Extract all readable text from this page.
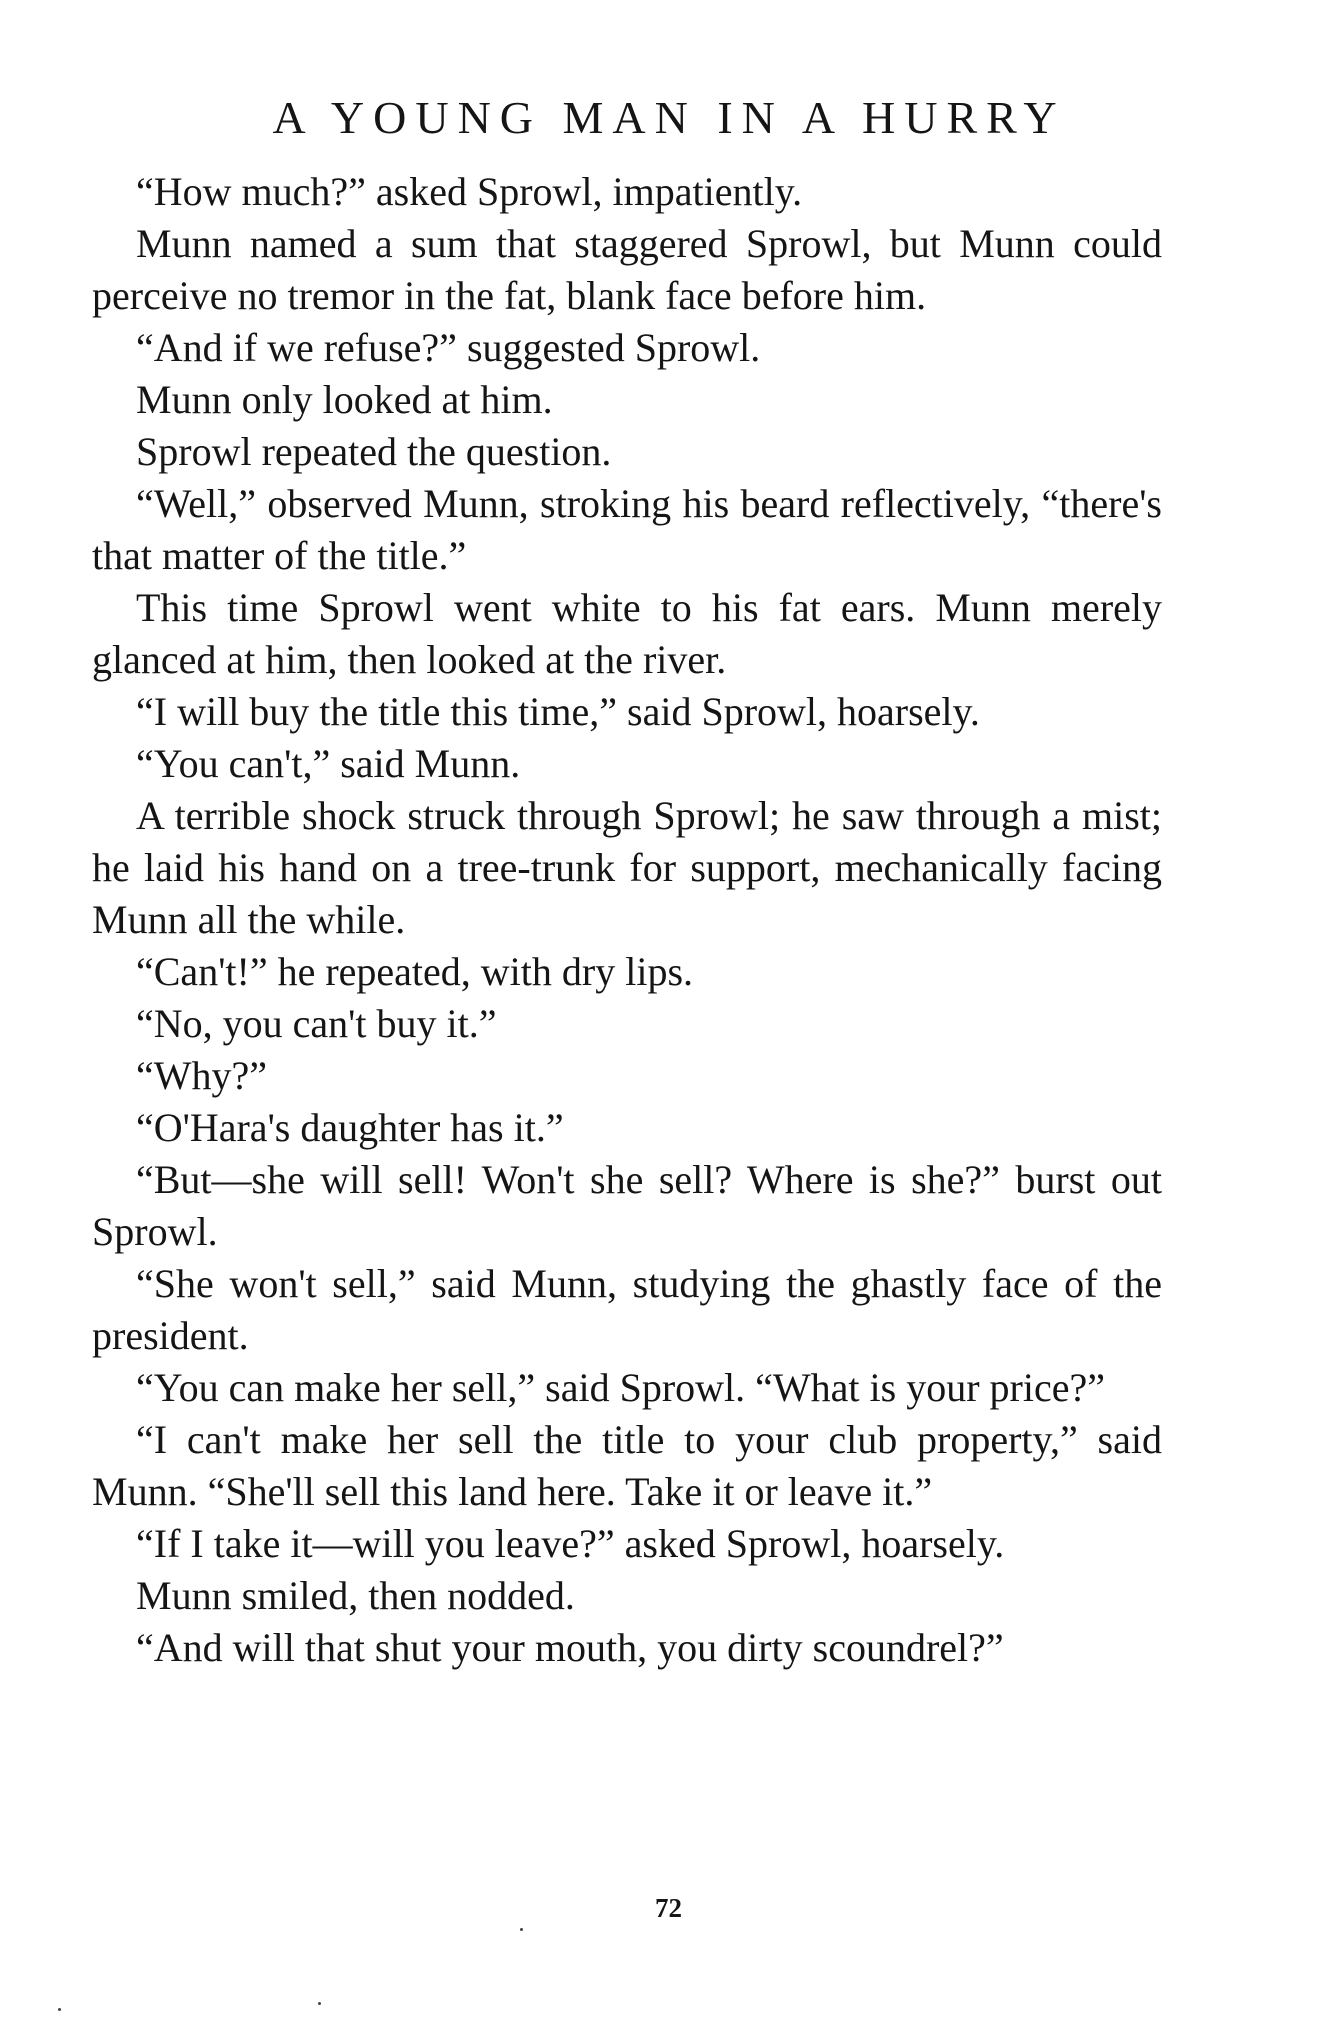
A YOUNG MAN IN A HURRY

“How much?” asked Sprowl, impatiently.

Munn named a sum that staggered Sprowl, but Munn could perceive no tremor in the fat, blank face before him.

“And if we refuse?” suggested Sprowl.

Munn only looked at him.

Sprowl repeated the question.

“Well,” observed Munn, stroking his beard reflectively, “there's that matter of the title.”

This time Sprowl went white to his fat ears. Munn merely glanced at him, then looked at the river.

“I will buy the title this time,” said Sprowl, hoarsely.

“You can't,” said Munn.

A terrible shock struck through Sprowl; he saw through a mist; he laid his hand on a tree-trunk for support, mechanically facing Munn all the while.

“Can't!” he repeated, with dry lips.

“No, you can't buy it.”

“Why?”

“O'Hara's daughter has it.”

“But—she will sell! Won't she sell? Where is she?” burst out Sprowl.

“She won't sell,” said Munn, studying the ghastly face of the president.

“You can make her sell,” said Sprowl. “What is your price?”

“I can't make her sell the title to your club property,” said Munn. “She'll sell this land here. Take it or leave it.”

“If I take it—will you leave?” asked Sprowl, hoarsely.

Munn smiled, then nodded.

“And will that shut your mouth, you dirty scoundrel?”

72
